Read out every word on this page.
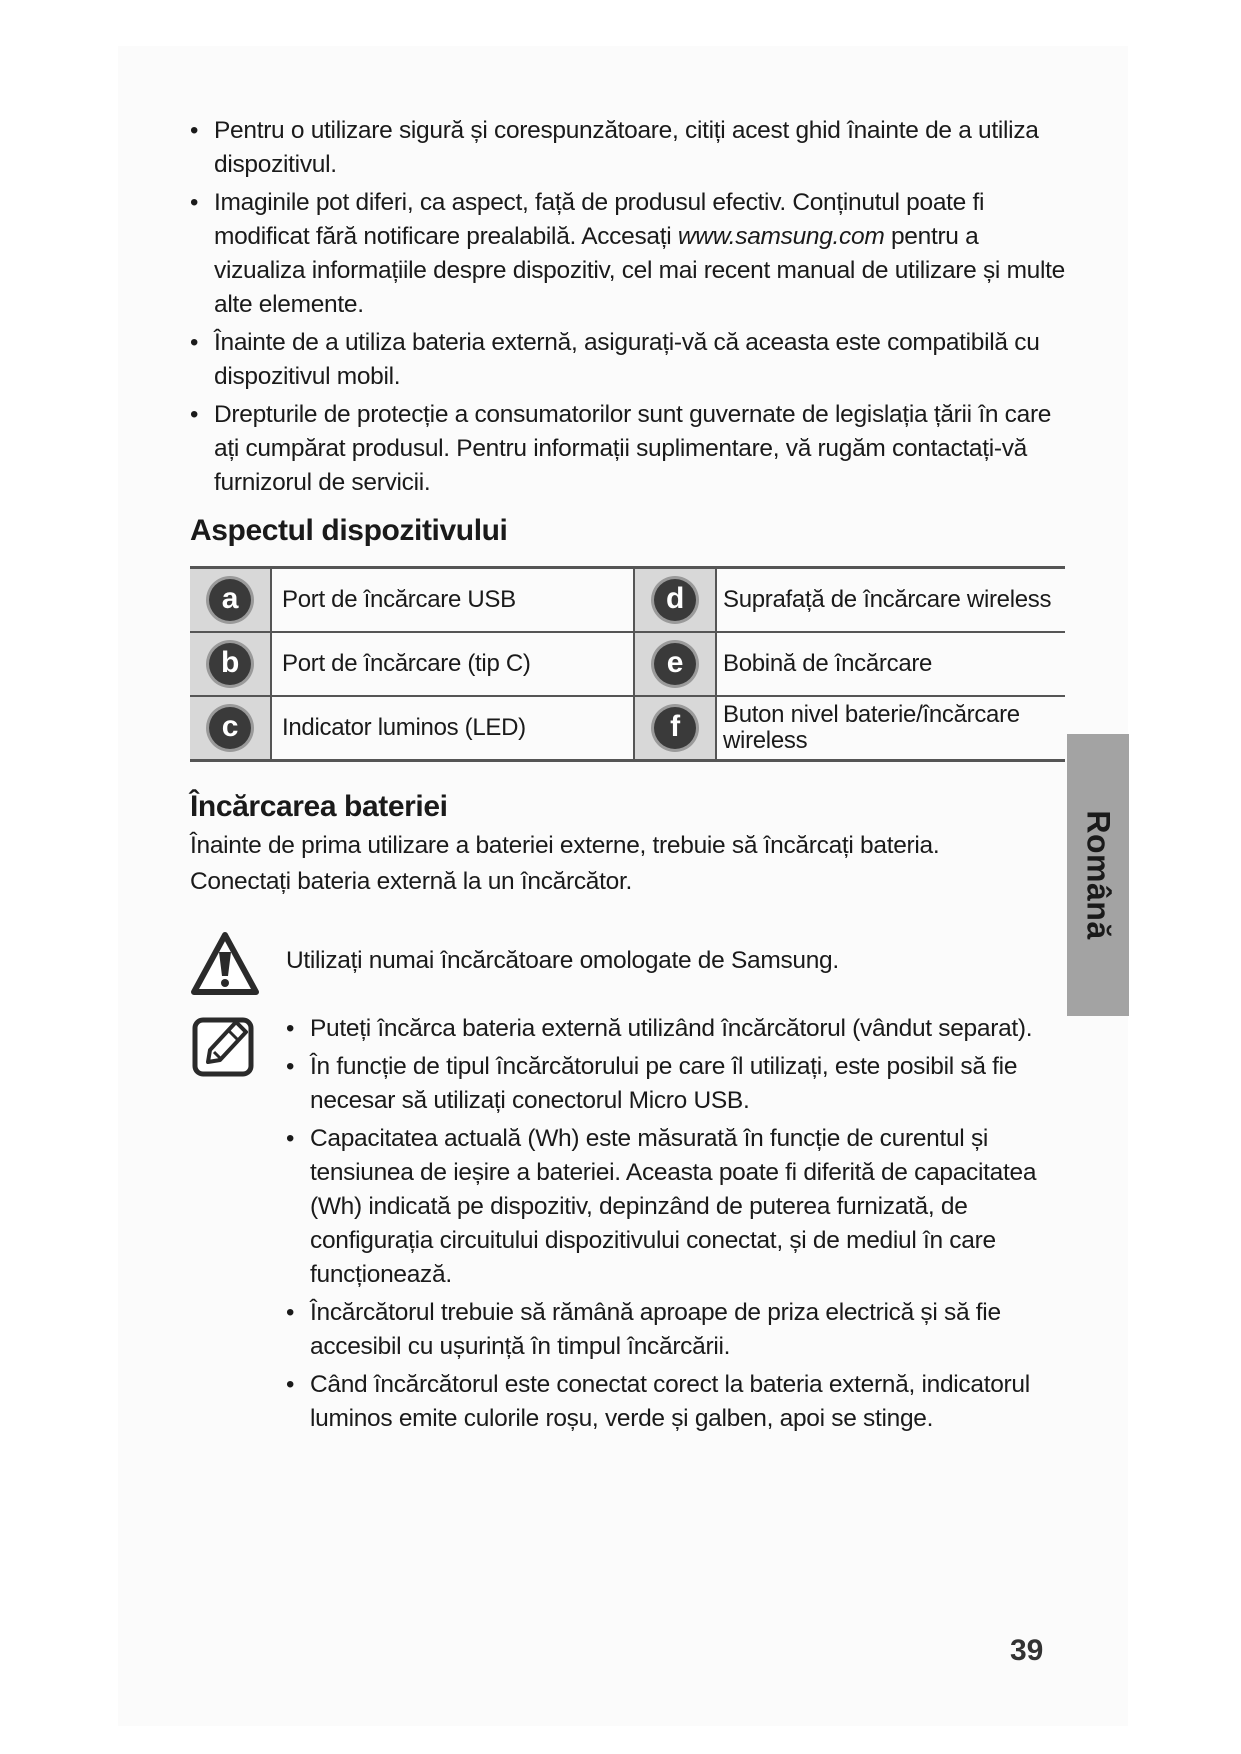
• Pentru o utilizare sigură și corespunzătoare, citiți acest ghid înainte de a utiliza dispozitivul.
• Imaginile pot diferi, ca aspect, față de produsul efectiv. Conținutul poate fi modificat fără notificare prealabilă. Accesați www.samsung.com pentru a vizualiza informațiile despre dispozitiv, cel mai recent manual de utilizare și multe alte elemente.
• Înainte de a utiliza bateria externă, asigurați-vă că aceasta este compatibilă cu dispozitivul mobil.
• Drepturile de protecție a consumatorilor sunt guvernate de legislația țării în care ați cumpărat produsul. Pentru informații suplimentare, vă rugăm contactați-vă furnizorul de servicii.
Aspectul dispozitivului
a	Port de încărcare USB	d	Suprafață de încărcare wireless
b	Port de încărcare (tip C)	e	Bobină de încărcare
c	Indicator luminos (LED)	f	Buton nivel baterie/încărcare wireless
Încărcarea bateriei

Înainte de prima utilizare a bateriei externe, trebuie să încărcați bateria.

Conectați bateria externă la un încărcător.

Utilizați numai încărcătoare omologate de Samsung.
• Puteți încărca bateria externă utilizând încărcătorul (vândut separat).
• În funcție de tipul încărcătorului pe care îl utilizați, este posibil să fie necesar să utilizați conectorul Micro USB.
• Capacitatea actuală (Wh) este măsurată în funcție de curentul și tensiunea de ieșire a bateriei. Aceasta poate fi diferită de capacitatea (Wh) indicată pe dispozitiv, depinzând de puterea furnizată, de configurația circuitului dispozitivului conectat, și de mediul în care funcționează.
• Încărcătorul trebuie să rămână aproape de priza electrică și să fie accesibil cu ușurință în timpul încărcării.
• Când încărcătorul este conectat corect la bateria externă, indicatorul luminos emite culorile roșu, verde și galben, apoi se stinge.
Română
39
